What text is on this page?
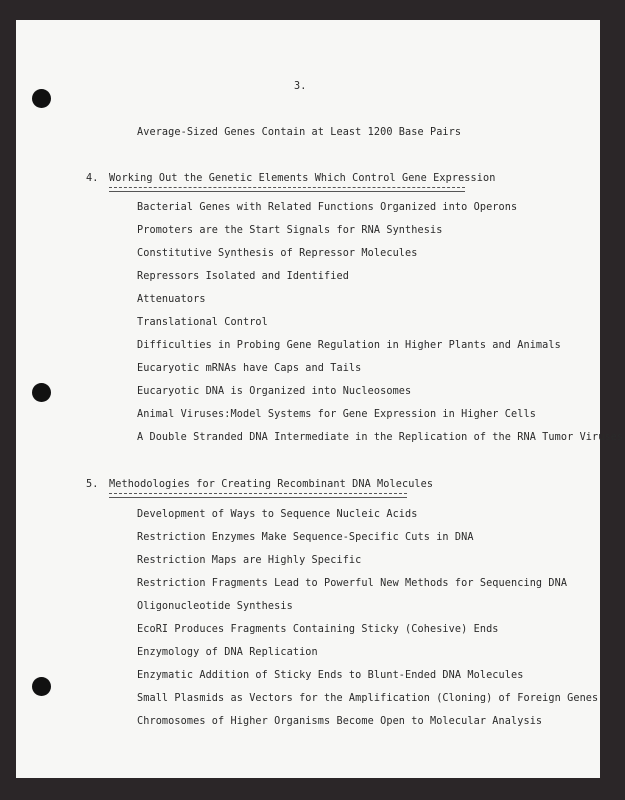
3.
Average-Sized Genes Contain at Least 1200 Base Pairs
4. Working Out the Genetic Elements Which Control Gene Expression
Bacterial Genes with Related Functions Organized into Operons
Promoters are the Start Signals for RNA Synthesis
Constitutive Synthesis of Repressor Molecules
Repressors Isolated and Identified
Attenuators
Translational Control
Difficulties in Probing Gene Regulation in Higher Plants and Animals
Eucaryotic mRNAs have Caps and Tails
Eucaryotic DNA is Organized into Nucleosomes
Animal Viruses:Model Systems for Gene Expression in Higher Cells
A Double Stranded DNA Intermediate in the Replication of the RNA Tumor Viruses
5. Methodologies for Creating Recombinant DNA Molecules
Development of Ways to Sequence Nucleic Acids
Restriction Enzymes Make Sequence-Specific Cuts in DNA
Restriction Maps are Highly Specific
Restriction Fragments Lead to Powerful New Methods for Sequencing DNA
Oligonucleotide Synthesis
EcoRI Produces Fragments Containing Sticky (Cohesive) Ends
Enzymology of DNA Replication
Enzymatic Addition of Sticky Ends to Blunt-Ended DNA Molecules
Small Plasmids as Vectors for the Amplification (Cloning) of Foreign Genes
Chromosomes of Higher Organisms Become Open to Molecular Analysis
